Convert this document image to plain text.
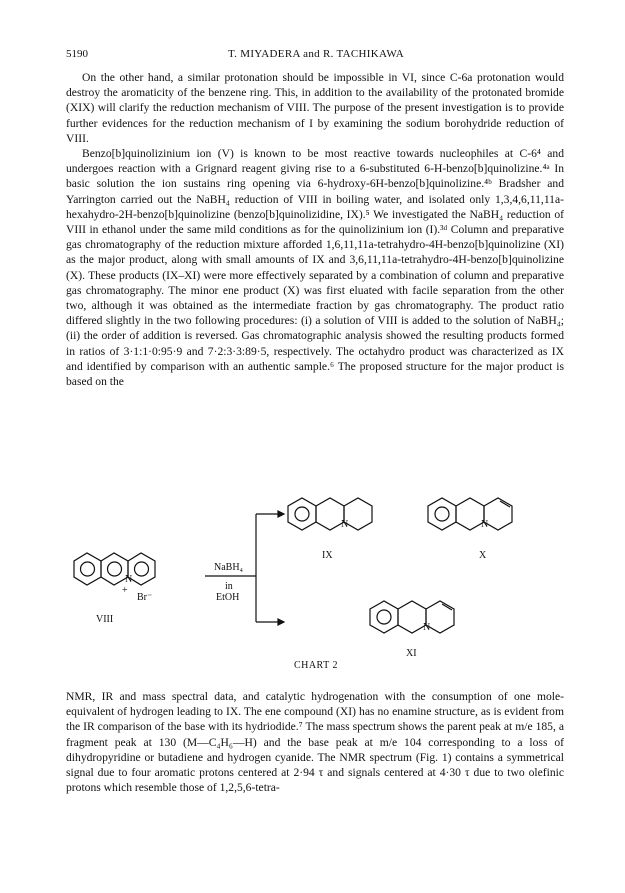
5190	T. MIYADERA and R. TACHIKAWA

On the other hand, a similar protonation should be impossible in VI, since C-6a protonation would destroy the aromaticity of the benzene ring. This, in addition to the availability of the protonated bromide (XIX) will clarify the reduction mechanism of VIII. The purpose of the present investigation is to provide further evidences for the reduction mechanism of I by examining the sodium borohydride reduction of VIII.

Benzo[b]quinolizinium ion (V) is known to be most reactive towards nucleophiles at C-6⁴ and undergoes reaction with a Grignard reagent giving rise to a 6-substituted 6-H-benzo[b]quinolizine.⁴ᵃ In basic solution the ion sustains ring opening via 6-hydroxy-6H-benzo[b]quinolizine.⁴ᵇ Bradsher and Yarrington carried out the NaBH₄ reduction of VIII in boiling water, and isolated only 1,3,4,6,11,11a-hexahydro-2H-benzo[b]quinolizine (benzo[b]quinolizidine, IX).⁵ We investigated the NaBH₄ reduction of VIII in ethanol under the same mild conditions as for the quinolizinium ion (I).³ᵈ Column and preparative gas chromatography of the reduction mixture afforded 1,6,11,11a-tetrahydro-4H-benzo[b]quinolizine (XI) as the major product, along with small amounts of IX and 3,6,11,11a-tetrahydro-4H-benzo[b]quinolizine (X). These products (IX–XI) were more effectively separated by a combination of column and preparative gas chromatography. The minor ene product (X) was first eluated with facile separation from the other two, although it was obtained as the intermediate fraction by gas chromatography. The product ratio differed slightly in the two following procedures: (i) a solution of VIII is added to the solution of NaBH₄; (ii) the order of addition is reversed. Gas chromatographic analysis showed the resulting products formed in ratios of 3·1:1·0:95·9 and 7·2:3·3:89·5, respectively. The octahydro product was characterized as IX and identified by comparison with an authentic sample.⁶ The proposed structure for the major product is based on the

N
+
Br⁻
VIII
NaBH₄
in
EtOH
N
IX
N
X
N
XI
CHART 2

NMR, IR and mass spectral data, and catalytic hydrogenation with the consumption of one mole-equivalent of hydrogen leading to IX. The ene compound (XI) has no enamine structure, as is evident from the IR comparison of the base with its hydriodide.⁷ The mass spectrum shows the parent peak at m/e 185, a fragment peak at 130 (M—C₄H₆—H) and the base peak at m/e 104 corresponding to a loss of dihydropyridine or butadiene and hydrogen cyanide. The NMR spectrum (Fig. 1) contains a symmetrical signal due to four aromatic protons centered at 2·94 τ and signals centered at 4·30 τ due to two olefinic protons which resemble those of 1,2,5,6-tetra-
